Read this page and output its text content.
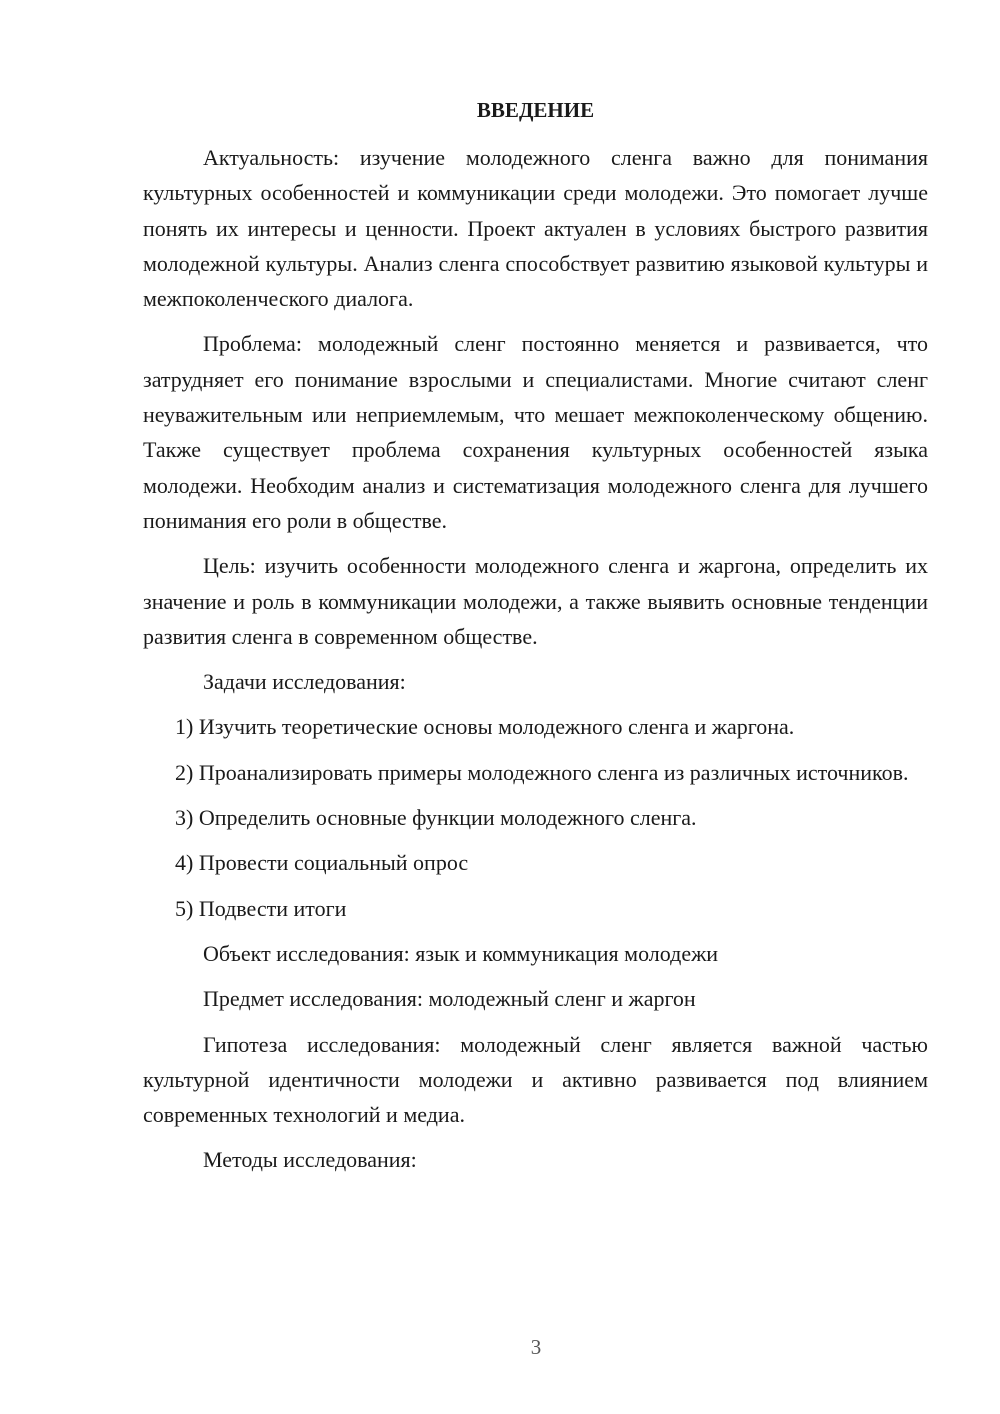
ВВЕДЕНИЕ

Актуальность: изучение молодежного сленга важно для понимания культурных особенностей и коммуникации среди молодежи. Это помогает лучше понять их интересы и ценности. Проект актуален в условиях быстрого развития молодежной культуры. Анализ сленга способствует развитию языковой культуры и межпоколенческого диалога.

Проблема: молодежный сленг постоянно меняется и развивается, что затрудняет его понимание взрослыми и специалистами. Многие считают сленг неуважительным или неприемлемым, что мешает межпоколенческому общению. Также существует проблема сохранения культурных особенностей языка молодежи. Необходим анализ и систематизация молодежного сленга для лучшего понимания его роли в обществе.

Цель: изучить особенности молодежного сленга и жаргона, определить их значение и роль в коммуникации молодежи, а также выявить основные тенденции развития сленга в современном обществе.

Задачи исследования:

1) Изучить теоретические основы молодежного сленга и жаргона.

2) Проанализировать примеры молодежного сленга из различных источников.

3) Определить основные функции молодежного сленга.

4) Провести социальный опрос

5) Подвести итоги

Объект исследования: язык и коммуникация молодежи

Предмет исследования: молодежный сленг и жаргон

Гипотеза исследования: молодежный сленг является важной частью культурной идентичности молодежи и активно развивается под влиянием современных технологий и медиа.

Методы исследования:

3
